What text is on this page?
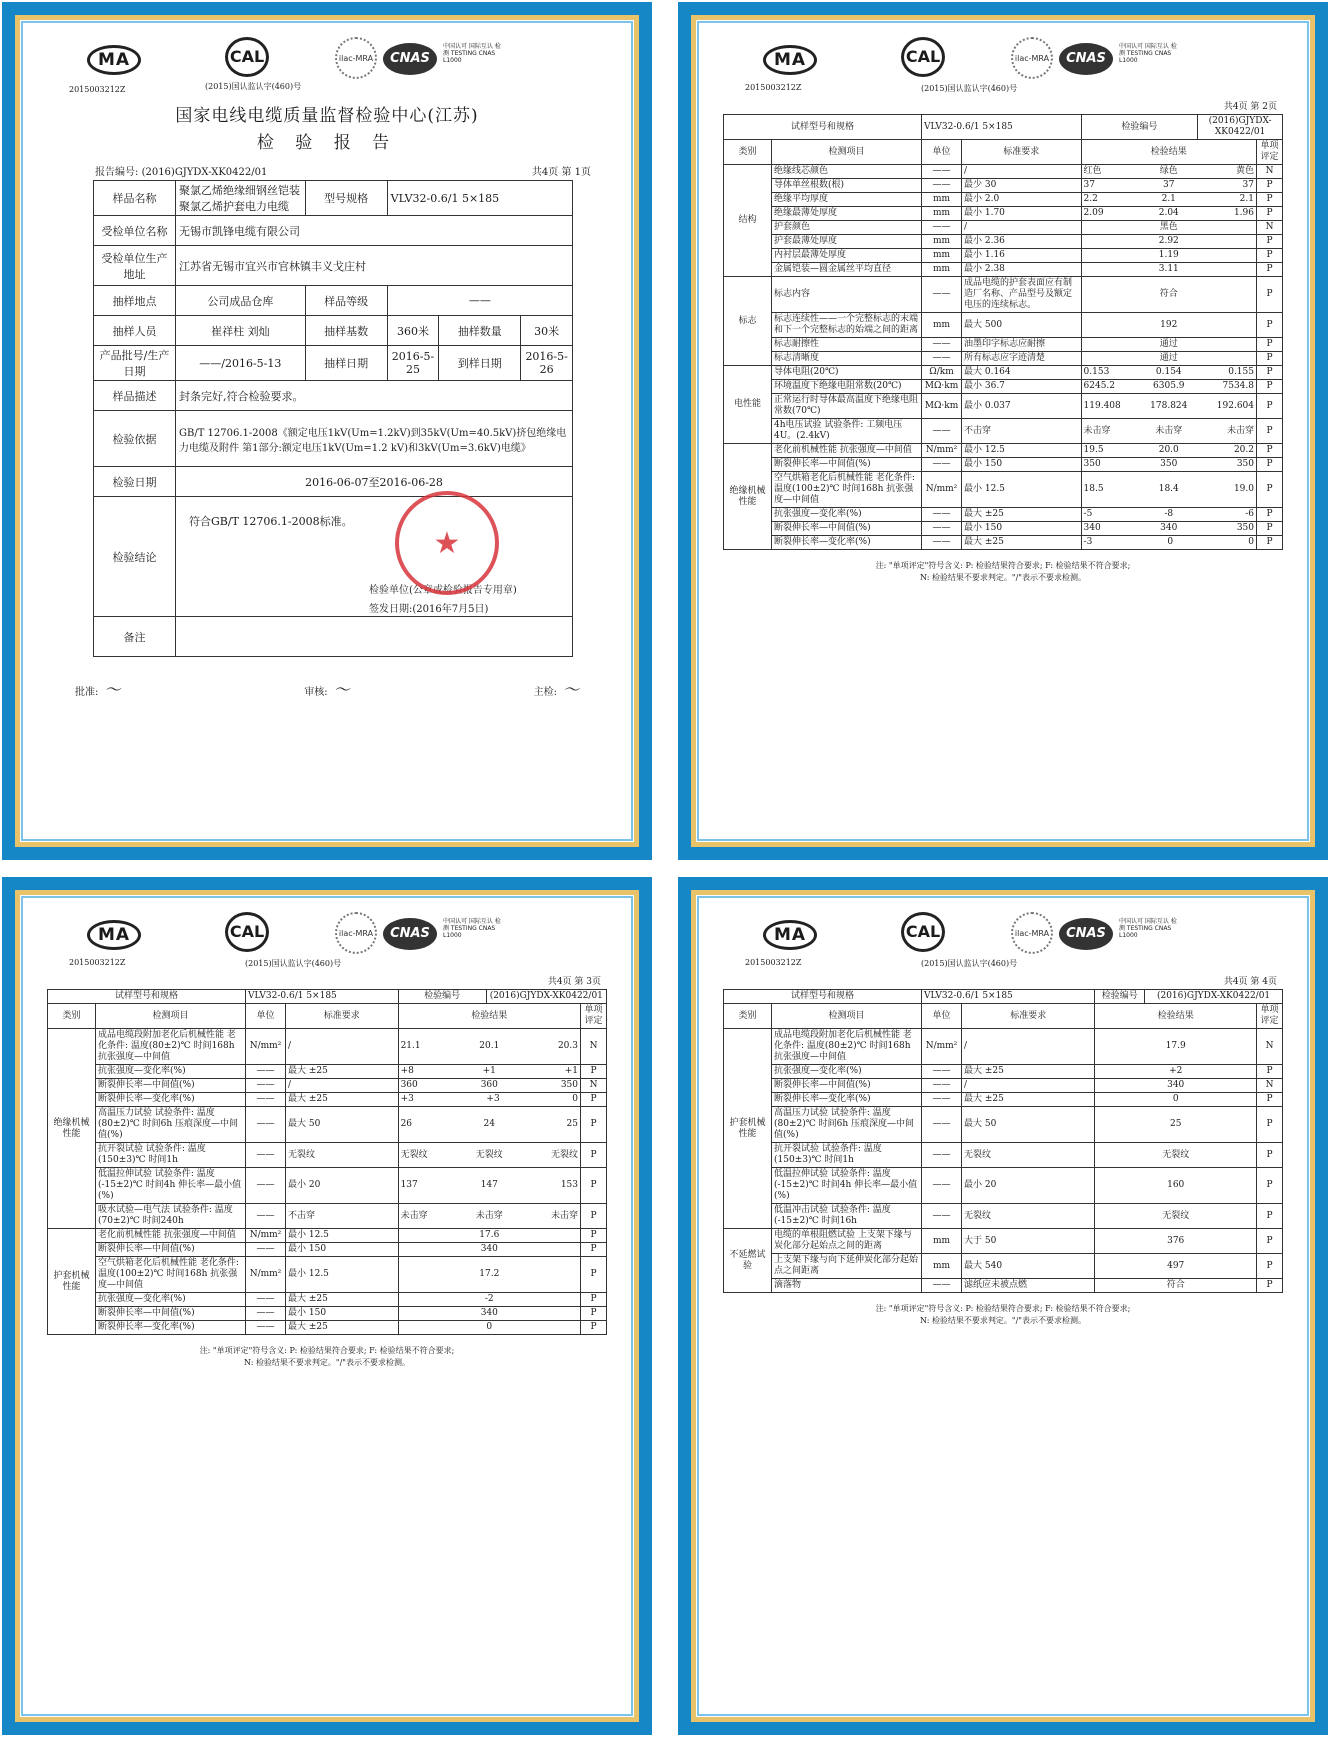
MA	CAL	ilac-MRA	CNAS
中国认可 国际互认 检测 TESTING CNAS L1000
2015003212Z	(2015)国认监认字(460)号
国家电线电缆质量监督检验中心(江苏)
检 验 报 告
报告编号: (2016)GJYDX-XK0422/01	共4页 第 1页
样品名称	聚氯乙烯绝缘细钢丝铠装聚氯乙烯护套电力电缆	型号规格	VLV32-0.6/1 5×185		
受检单位名称	无锡市凯锋电缆有限公司				
受检单位生产地址	江苏省无锡市宜兴市官林镇丰义戈庄村				
抽样地点	公司成品仓库	样品等级	——		
抽样人员	崔祥柱 刘灿	抽样基数	360米	抽样数量	30米
产品批号/生产日期	——/2016-5-13	抽样日期	2016-5-25	到样日期	2016-5-26
样品描述	封条完好,符合检验要求。				
检验依据	GB/T 12706.1-2008《额定电压1kV(Um=1.2kV)到35kV(Um=40.5kV)挤包绝缘电力电缆及附件 第1部分:额定电压1kV(Um=1.2 kV)和3kV(Um=3.6kV)电缆》				
检验日期	2016-06-07至2016-06-28				
检验结论	符合GB/T 12706.1-2008标准。
检验单位(公章或检验报告专用章)
签发日期:(2016年7月5日)				

备注					
★
批准: ～	审核: ～	主检: ～
MA	CAL	ilac-MRA	CNAS
中国认可 国际互认 检测 TESTING CNAS L1000
2015003212Z	(2015)国认监认字(460)号
共4页 第 2页
试样型号和规格		VLV32-0.6/1 5×185		检验编号	(2016)GJYDX-XK0422/01	
类别	检测项目	单位	标准要求	检验结果		单项评定
结构	绝缘线芯颜色	——	/	红色 绿色 黄色		N
	导体单丝根数(根)	——	最少 30	37 37 37		P
	绝缘平均厚度	mm	最小 2.0	2.2 2.1 2.1		P
	绝缘最薄处厚度	mm	最小 1.70	2.09 2.04 1.96		P
	护套颜色	——	/	黑色		N
	护套最薄处厚度	mm	最小 2.36	2.92		P
	内衬层最薄处厚度	mm	最小 1.16	1.19		P
	金属铠装—圆金属丝平均直径	mm	最小 2.38	3.11		P
标志	标志内容	——	成品电缆的护套表面应有制造厂名称、产品型号及额定电压的连续标志。	符合		P
	标志连续性——一个完整标志的末端和下一个完整标志的始端之间的距离	mm	最大 500	192		P
	标志耐擦性	——	油墨印字标志应耐擦	通过		P
	标志清晰度	——	所有标志应字迹清楚	通过		P
电性能	导体电阻(20℃)	Ω/km	最大 0.164	0.153 0.154 0.155		P
	环境温度下绝缘电阻常数(20℃)	MΩ·km	最小 36.7	6245.2 6305.9 7534.8		P
	正常运行时导体最高温度下绝缘电阻常数(70℃)	MΩ·km	最小 0.037	119.408 178.824 192.604		P
	4h电压试验 试验条件: 工频电压4U。(2.4kV)	——	不击穿	未击穿 未击穿 未击穿		P
绝缘机械性能	老化前机械性能 抗张强度—中间值	N/mm²	最小 12.5	19.5 20.0 20.2		P
	断裂伸长率—中间值(%)	——	最小 150	350 350 350		P
	空气烘箱老化后机械性能 老化条件: 温度(100±2)℃ 时间168h 抗张强度—中间值	N/mm²	最小 12.5	18.5 18.4 19.0		P
	抗张强度—变化率(%)	——	最大 ±25	-5 -8 -6		P
	断裂伸长率—中间值(%)	——	最小 150	340 340 350		P
	断裂伸长率—变化率(%)	——	最大 ±25	-3 0 0		P
注: "单项评定"符号含义: P: 检验结果符合要求; F: 检验结果不符合要求;
N: 检验结果不要求判定。"/"表示不要求检测。
MA	CAL	ilac-MRA	CNAS
中国认可 国际互认 检测 TESTING CNAS L1000
2015003212Z	(2015)国认监认字(460)号
共4页 第 3页
试样型号和规格		VLV32-0.6/1 5×185		检验编号	(2016)GJYDX-XK0422/01	
类别	检测项目	单位	标准要求	检验结果		单项评定
绝缘机械性能	成品电缆段附加老化后机械性能 老化条件: 温度(80±2)℃ 时间168h 抗张强度—中间值	N/mm²	/	21.1 20.1 20.3		N
	抗张强度—变化率(%)	——	最大 ±25	+8 +1 +1		P
	断裂伸长率—中间值(%)	——	/	360 360 350		N
	断裂伸长率—变化率(%)	——	最大 ±25	+3 +3 0		P
	高温压力试验 试验条件: 温度(80±2)℃ 时间6h 压痕深度—中间值(%)	——	最大 50	26 24 25		P
	抗开裂试验 试验条件: 温度(150±3)℃ 时间1h	——	无裂纹	无裂纹 无裂纹 无裂纹		P
	低温拉伸试验 试验条件: 温度(-15±2)℃ 时间4h 伸长率—最小值(%)	——	最小 20	137 147 153		P
	吸水试验—电气法 试验条件: 温度(70±2)℃ 时间240h	——	不击穿	未击穿 未击穿 未击穿		P
护套机械性能	老化前机械性能 抗张强度—中间值	N/mm²	最小 12.5	17.6		P
	断裂伸长率—中间值(%)	——	最小 150	340		P
	空气烘箱老化后机械性能 老化条件: 温度(100±2)℃ 时间168h 抗张强度—中间值	N/mm²	最小 12.5	17.2		P
	抗张强度—变化率(%)	——	最大 ±25	-2		P
	断裂伸长率—中间值(%)	——	最小 150	340		P
	断裂伸长率—变化率(%)	——	最大 ±25	0		P
注: "单项评定"符号含义: P: 检验结果符合要求; F: 检验结果不符合要求;
N: 检验结果不要求判定。"/"表示不要求检测。
MA	CAL	ilac-MRA	CNAS
中国认可 国际互认 检测 TESTING CNAS L1000
2015003212Z	(2015)国认监认字(460)号
共4页 第 4页
试样型号和规格		VLV32-0.6/1 5×185		检验编号	(2016)GJYDX-XK0422/01	
类别	检测项目	单位	标准要求	检验结果		单项评定
护套机械性能	成品电缆段附加老化后机械性能 老化条件: 温度(80±2)℃ 时间168h 抗张强度—中间值	N/mm²	/	17.9		N
	抗张强度—变化率(%)	——	最大 ±25	+2		P
	断裂伸长率—中间值(%)	——	/	340		N
	断裂伸长率—变化率(%)	——	最大 ±25	0		P
	高温压力试验 试验条件: 温度(80±2)℃ 时间6h 压痕深度—中间值(%)	——	最大 50	25		P
	抗开裂试验 试验条件: 温度(150±3)℃ 时间1h	——	无裂纹	无裂纹		P
	低温拉伸试验 试验条件: 温度(-15±2)℃ 时间4h 伸长率—最小值(%)	——	最小 20	160		P
	低温冲击试验 试验条件: 温度(-15±2)℃ 时间16h	——	无裂纹	无裂纹		P
不延燃试验	电缆的单根阻燃试验 上支架下缘与炭化部分起始点之间的距离	mm	大于 50	376		P
	上支架下缘与向下延伸炭化部分起始点之间距离	mm	最大 540	497		P
	滴落物	——	滤纸应未被点燃	符合		P
注: "单项评定"符号含义: P: 检验结果符合要求; F: 检验结果不符合要求;
N: 检验结果不要求判定。"/"表示不要求检测。
